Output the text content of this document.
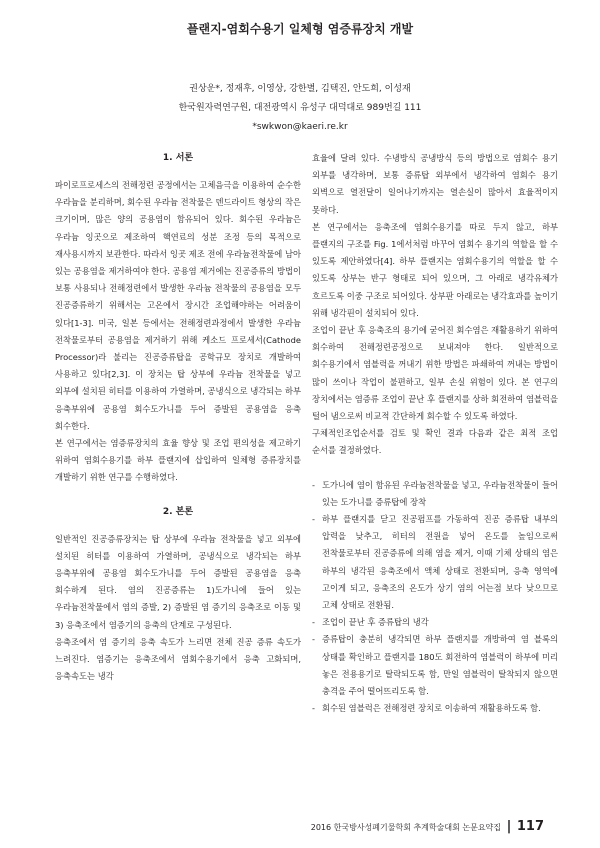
플랜지-염회수용기 일체형 염증류장치 개발
권상운*, 정재후, 이영상, 강한별, 김택진, 안도희, 이성재
한국원자력연구원, 대전광역시 유성구 대덕대로 989번길 111
*swkwon@kaeri.re.kr
1. 서론

파이로프로세스의 전해정련 공정에서는 고체음극을 이용하여 순수한 우라늄을 분리하며, 회수된 우라늄 전착물은 덴드라이트 형상의 작은 크기이며, 많은 양의 공용염이 함유되어 있다. 회수된 우라늄은 우라늄 잉곳으로 제조하여 핵연료의 성분 조정 등의 목적으로 재사용시까지 보관한다. 따라서 잉곳 제조 전에 우라늄전착물에 남아 있는 공용염을 제거하여야 한다. 공용염 제거에는 진공증류의 방법이 보통 사용되나 전해정련에서 발생한 우라늄 전착물의 공용염을 모두 진공증류하기 위해서는 고온에서 장시간 조업해야하는 어려움이 있다[1-3]. 미국, 일본 등에서는 전해정련과정에서 발생한 우라늄 전착물로부터 공용염을 제거하기 위해 케소드 프로세서(Cathode Processor)라 불리는 진공증류탑을 공학규모 장치로 개발하여 사용하고 있다[2,3]. 이 장치는 탑 상부에 우라늄 전착물을 넣고 외부에 설치된 히터를 이용하여 가열하며, 공냉식으로 냉각되는 하부 응축부위에 공용염 회수도가니를 두어 증발된 공용염을 응축 회수한다.

본 연구에서는 염증류장치의 효율 향상 및 조업 편의성을 제고하기 위하여 염회수용기를 하부 플랜지에 삽입하여 일체형 증류장치를 개발하기 위한 연구를 수행하였다.

2. 본론

일반적인 진공증류장치는 탑 상부에 우라늄 전착물을 넣고 외부에 설치된 히터를 이용하여 가열하며, 공냉식으로 냉각되는 하부 응축부위에 공용염 회수도가니를 두어 증발된 공용염을 응축 회수하게 된다. 염의 진공증류는 1)도가니에 들어 있는 우라늄전착물에서 염의 증발, 2) 증발된 염 증기의 응축조로 이동 및 3) 응축조에서 염증기의 응축의 단계로 구성된다.

응축조에서 염 증기의 응축 속도가 느리면 전체 진공 증류 속도가 느려진다. 염증기는 응축조에서 염회수용기에서 응축 고화되며, 응축속도는 냉각

효율에 달려 있다. 수냉방식 공냉방식 등의 방법으로 염회수 용기 외부를 냉각하며, 보통 증류탑 외부에서 냉각하여 염회수 용기 외벽으로 열전달이 일어나기까지는 열손실이 많아서 효율적이지 못하다.

본 연구에서는 응축조에 염회수용기를 따로 두지 않고, 하부 플랜지의 구조를 Fig. 1에서처럼 바꾸어 염회수 용기의 역할을 할 수 있도록 제안하였다[4]. 하부 플랜지는 염회수용기의 역할을 할 수 있도록 상부는 반구 형태로 되어 있으며, 그 아래로 냉각유체가 흐르도록 이중 구조로 되어있다. 상부판 아래로는 냉각효과를 높이기 위해 냉각핀이 설치되어 있다.

조업이 끝난 후 응축조의 용기에 굳어진 회수염은 재활용하기 위하여 회수하여 전해정련공정으로 보내져야 한다. 일반적으로 회수용기에서 염블럭을 꺼내기 위한 방법은 파쇄하여 꺼내는 방법이 많이 쓰이나 작업이 불편하고, 일부 손실 위험이 있다. 본 연구의 장치에서는 염증류 조업이 끝난 후 플랜지를 상하 회전하여 염블럭을 털어 냄으로써 비교적 간단하게 회수할 수 있도록 하였다.

구체적인조업순서를 검토 및 확인 결과 다음과 같은 최적 조업 순서를 결정하였다.

- 도가니에 염이 함유된 우라늄전착물을 넣고, 우라늄전착물이 들어 있는 도가니를 증류탑에 장착
- 하부 플랜지를 닫고 진공펌프를 가동하여 진공 증류탑 내부의 압력을 낮추고, 히터의 전원을 넣어 온도를 높임으로써 전착물로부터 진공증류에 의해 염을 제거, 이때 기체 상태의 염은 하부의 냉각된 응축조에서 액체 상태로 전환되며, 응축 영역에 고이게 되고, 응축조의 온도가 상기 염의 어는점 보다 낮으므로 고체 상태로 전환됨.
- 조업이 끝난 후 증류탑의 냉각
- 증류탑이 충분히 냉각되면 하부 플랜지를 개방하여 염 블록의 상태를 확인하고 플랜지를 180도 회전하여 염블럭이 하부에 미리 놓은 전용용기로 탈락되도록 함, 만일 염블럭이 탈착되지 않으면 충격을 주어 떨어뜨리도록 함.
- 회수된 염블럭은 전해정련 장치로 이송하여 재활용하도록 함.
2016 한국방사성폐기물학회 추계학술대회 논문요약집 | 117
